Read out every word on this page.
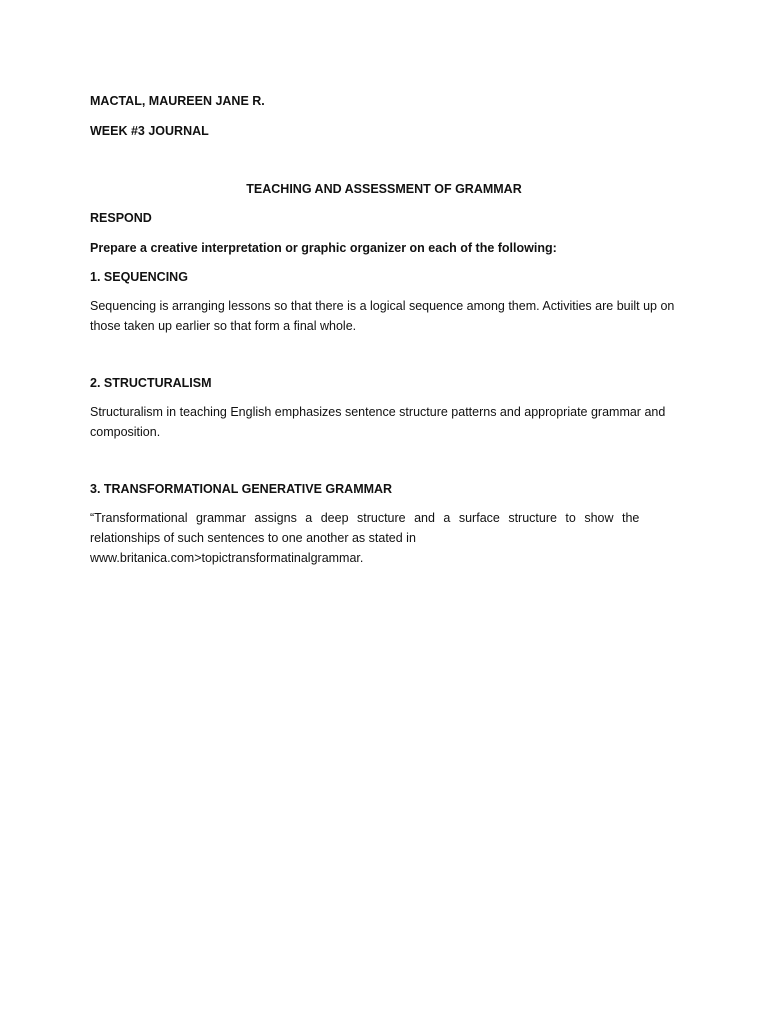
MACTAL, MAUREEN JANE R.
WEEK #3 JOURNAL
TEACHING AND ASSESSMENT OF GRAMMAR
RESPOND
Prepare a creative interpretation or graphic organizer on each of the following:
1. SEQUENCING
Sequencing is arranging lessons so that there is a logical sequence among them. Activities are built up on those taken up earlier so that form a final whole.
2. STRUCTURALISM
Structuralism in teaching English emphasizes sentence structure patterns and appropriate grammar and composition.
3. TRANSFORMATIONAL GENERATIVE GRAMMAR
“Transformational grammar assigns a deep structure and a surface structure to show the
relationships of such sentences to one another as stated in
www.britanica.com>topictransformatinalgrammar.
